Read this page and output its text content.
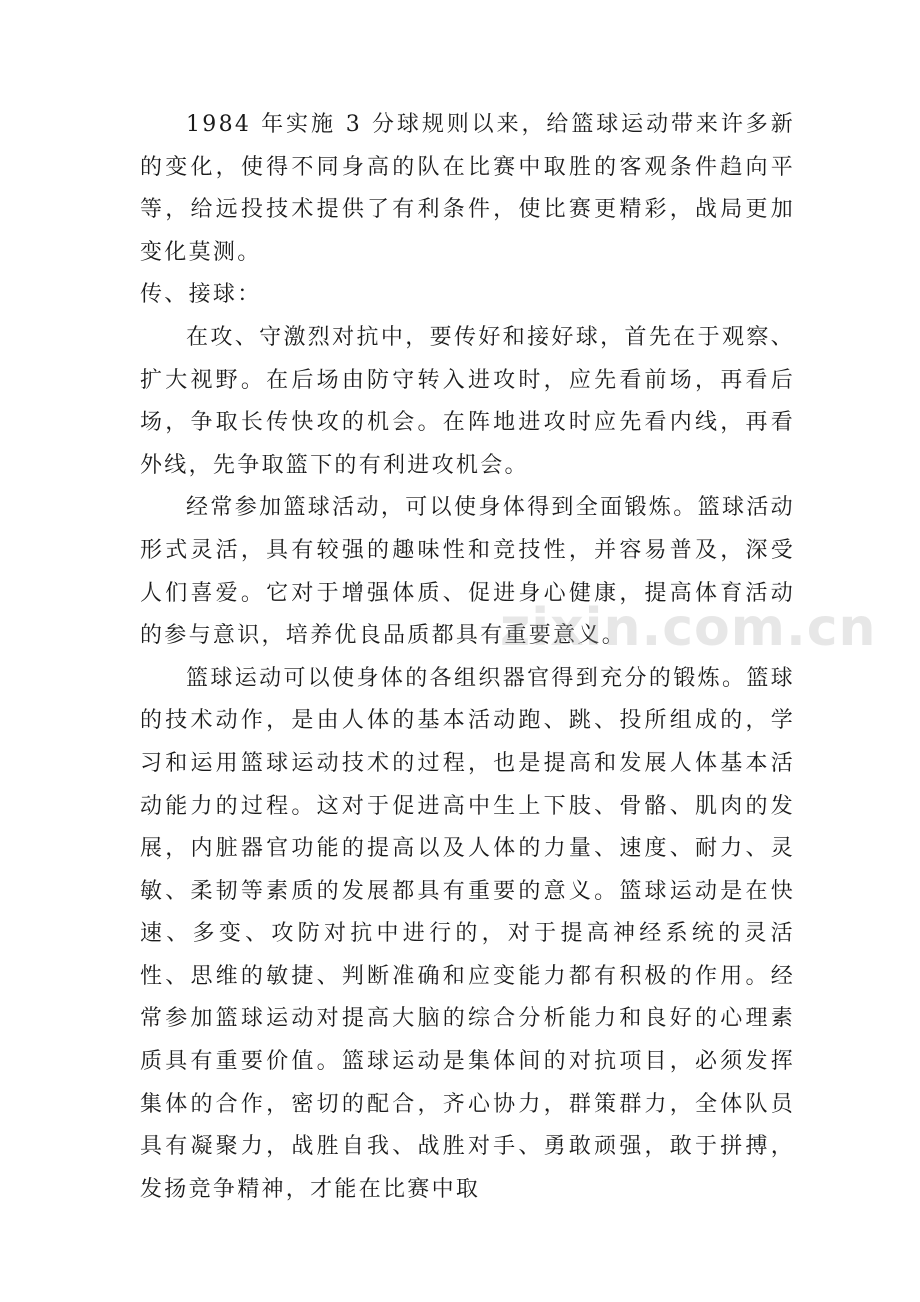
1984 年实施 3 分球规则以来，给篮球运动带来许多新的变化，使得不同身高的队在比赛中取胜的客观条件趋向平等，给远投技术提供了有利条件，使比赛更精彩，战局更加变化莫测。

传、接球：

在攻、守激烈对抗中，要传好和接好球，首先在于观察、扩大视野。在后场由防守转入进攻时，应先看前场，再看后场，争取长传快攻的机会。在阵地进攻时应先看内线，再看外线，先争取篮下的有利进攻机会。

经常参加篮球活动，可以使身体得到全面锻炼。篮球活动形式灵活，具有较强的趣味性和竞技性，并容易普及，深受人们喜爱。它对于增强体质、促进身心健康，提高体育活动的参与意识，培养优良品质都具有重要意义。

篮球运动可以使身体的各组织器官得到充分的锻炼。篮球的技术动作，是由人体的基本活动跑、跳、投所组成的，学习和运用篮球运动技术的过程，也是提高和发展人体基本活动能力的过程。这对于促进高中生上下肢、骨骼、肌肉的发展，内脏器官功能的提高以及人体的力量、速度、耐力、灵敏、柔韧等素质的发展都具有重要的意义。篮球运动是在快速、多变、攻防对抗中进行的，对于提高神经系统的灵活性、思维的敏捷、判断准确和应变能力都有积极的作用。经常参加篮球运动对提高大脑的综合分析能力和良好的心理素质具有重要价值。篮球运动是集体间的对抗项目，必须发挥集体的合作，密切的配合，齐心协力，群策群力，全体队员具有凝聚力，战胜自我、战胜对手、勇敢顽强，敢于拼搏，发扬竞争精神，才能在比赛中取

zixin.com.cn
